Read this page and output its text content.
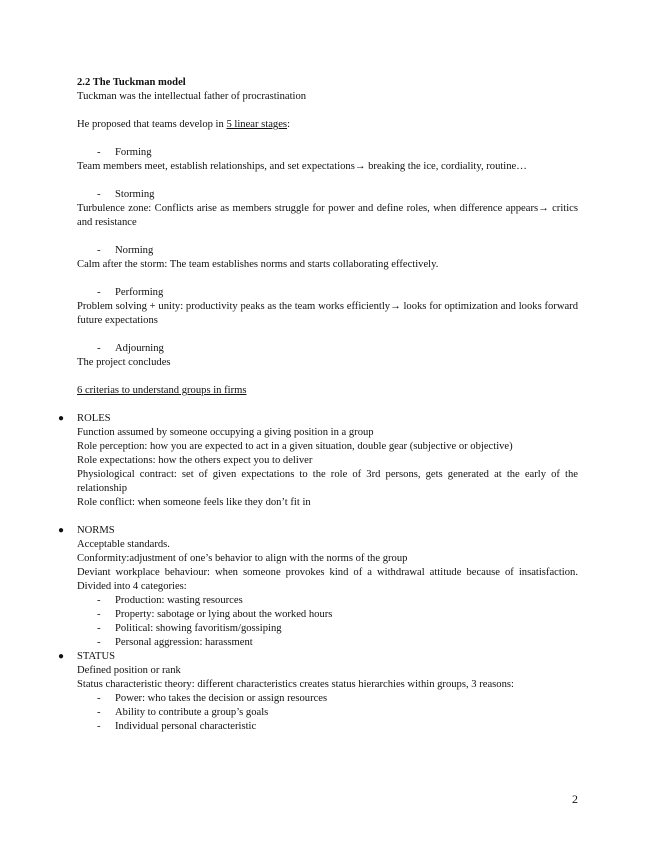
2.2 The Tuckman model
Tuckman was the intellectual father of procrastination
He proposed that teams develop in 5 linear stages:
- Forming
Team members meet, establish relationships, and set expectations→ breaking the ice, cordiality, routine…
- Storming
Turbulence zone: Conflicts arise as members struggle for power and define roles, when difference appears→ critics and resistance
- Norming
Calm after the storm: The team establishes norms and starts collaborating effectively.
- Performing
Problem solving + unity: productivity peaks as the team works efficiently→ looks for optimization and looks forward future expectations
- Adjourning
The project concludes
6 criterias to understand groups in firms
● ROLES
Function assumed by someone occupying a giving position in a group
Role perception: how you are expected to act in a given situation, double gear (subjective or objective)
Role expectations: how the others expect you to deliver
Physiological contract: set of given expectations to the role of 3rd persons, gets generated at the early of the relationship
Role conflict: when someone feels like they don’t fit in
● NORMS
Acceptable standards.
Conformity:adjustment of one’s behavior to align with the norms of the group
Deviant workplace behaviour: when someone provokes kind of a withdrawal attitude because of insatisfaction. Divided into 4 categories:
- Production: wasting resources
- Property: sabotage or lying about the worked hours
- Political: showing favoritism/gossiping
- Personal aggression: harassment
● STATUS
Defined position or rank
Status characteristic theory: different characteristics creates status hierarchies within groups, 3 reasons:
- Power: who takes the decision or assign resources
- Ability to contribute a group’s goals
- Individual personal characteristic
2
